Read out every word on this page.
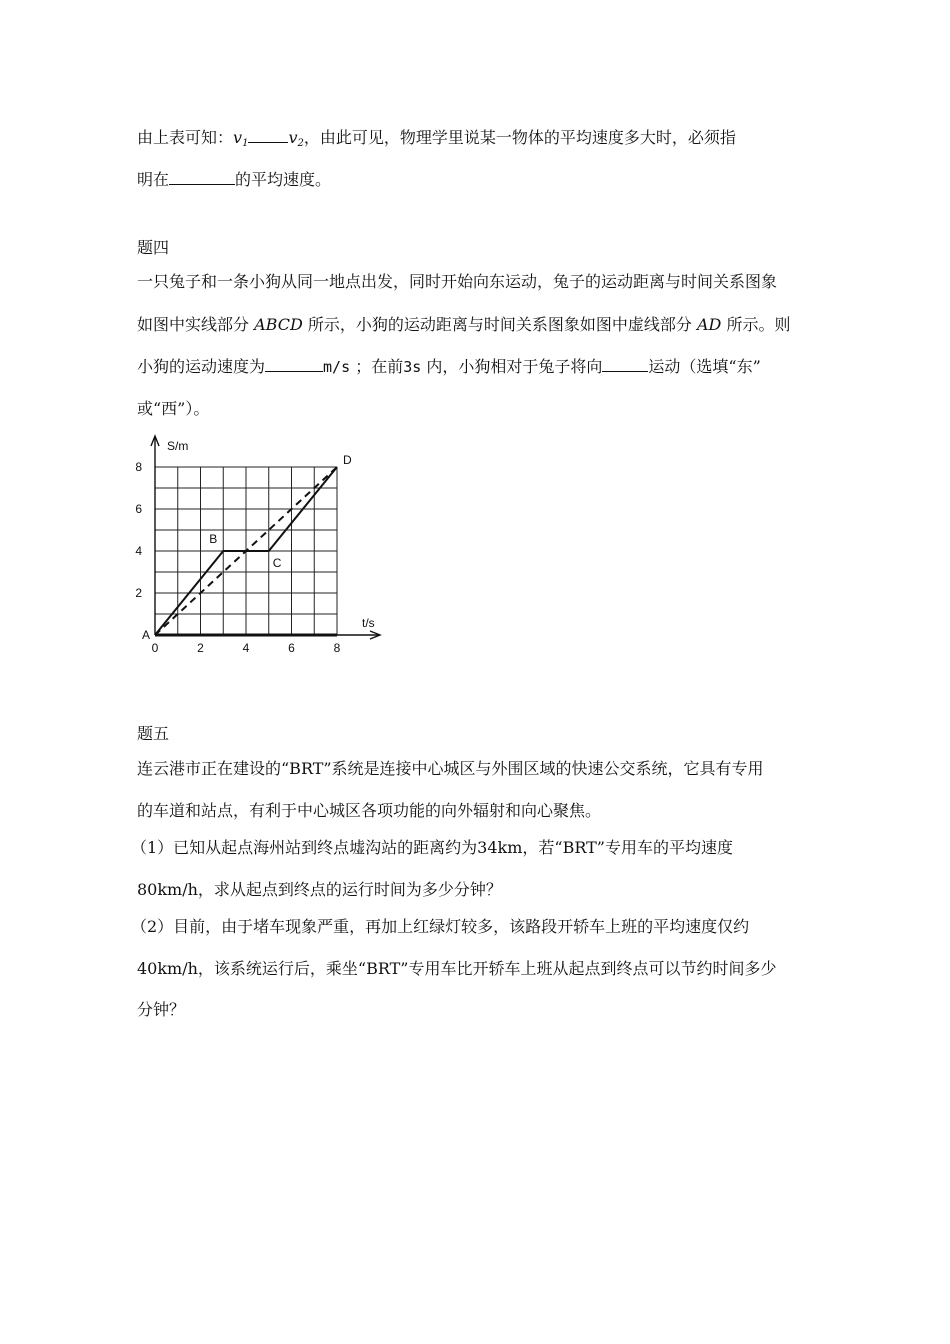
由上表可知：$v_1$	$v_2$，由此可见，物理学里说某一物体的平均速度多大时，必须指
明在	的平均速度。
题四
一只兔子和一条小狗从同一地点出发，同时开始向东运动，兔子的运动距离与时间关系图象
如图中实线部分 ABCD 所示，小狗的运动距离与时间关系图象如图中虚线部分 AD 所示。则
小狗的运动速度为	m/s ；在前3s 内，小狗相对于兔子将向	运动（选填“东”
或“西”）。
S/m
t/s
0	2	4	6	8
2
4
6
8
A
B
C
D
题五
连云港市正在建设的“BRT”系统是连接中心城区与外围区域的快速公交系统，它具有专用
的车道和站点，有利于中心城区各项功能的向外辐射和向心聚焦。
（1）已知从起点海州站到终点墟沟站的距离约为34km，若“BRT”专用车的平均速度
80km/h，求从起点到终点的运行时间为多少分钟？
（2）目前，由于堵车现象严重，再加上红绿灯较多，该路段开轿车上班的平均速度仅约
40km/h，该系统运行后，乘坐“BRT”专用车比开轿车上班从起点到终点可以节约时间多少
分钟？
